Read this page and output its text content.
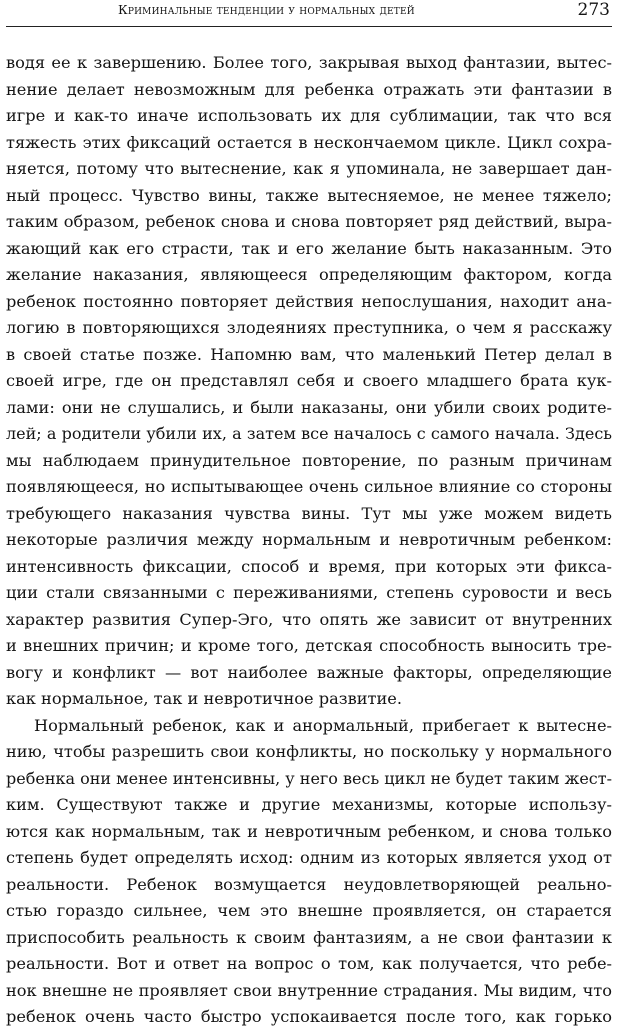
Криминальные тенденции у нормальных детей	273
водя ее к завершению. Более того, закрывая выход фантазии, вытес-
нение делает невозможным для ребенка отражать эти фантазии в
игре и как-то иначе использовать их для сублимации, так что вся
тяжесть этих фиксаций остается в нескончаемом цикле. Цикл сохра-
няется, потому что вытеснение, как я упоминала, не завершает дан-
ный процесс. Чувство вины, также вытесняемое, не менее тяжело;
таким образом, ребенок снова и снова повторяет ряд действий, выра-
жающий как его страсти, так и его желание быть наказанным. Это
желание наказания, являющееся определяющим фактором, когда
ребенок постоянно повторяет действия непослушания, находит ана-
логию в повторяющихся злодеяниях преступника, о чем я расскажу
в своей статье позже. Напомню вам, что маленький Петер делал в
своей игре, где он представлял себя и своего младшего брата кук-
лами: они не слушались, и были наказаны, они убили своих родите-
лей; а родители убили их, а затем все началось с самого начала. Здесь
мы наблюдаем принудительное повторение, по разным причинам
появляющееся, но испытывающее очень сильное влияние со стороны
требующего наказания чувства вины. Тут мы уже можем видеть
некоторые различия между нормальным и невротичным ребенком:
интенсивность фиксации, способ и время, при которых эти фикса-
ции стали связанными с переживаниями, степень суровости и весь
характер развития Супер-Эго, что опять же зависит от внутренних
и внешних причин; и кроме того, детская способность выносить тре-
вогу и конфликт — вот наиболее важные факторы, определяющие
как нормальное, так и невротичное развитие.
Нормальный ребенок, как и анормальный, прибегает к вытесне-
нию, чтобы разрешить свои конфликты, но поскольку у нормального
ребенка они менее интенсивны, у него весь цикл не будет таким жест-
ким. Существуют также и другие механизмы, которые использу-
ются как нормальным, так и невротичным ребенком, и снова только
степень будет определять исход: одним из которых является уход от
реальности. Ребенок возмущается неудовлетворяющей реально-
стью гораздо сильнее, чем это внешне проявляется, он старается
приспособить реальность к своим фантазиям, а не свои фантазии к
реальности. Вот и ответ на вопрос о том, как получается, что ребе-
нок внешне не проявляет свои внутренние страдания. Мы видим, что
ребенок очень часто быстро успокаивается после того, как горько
